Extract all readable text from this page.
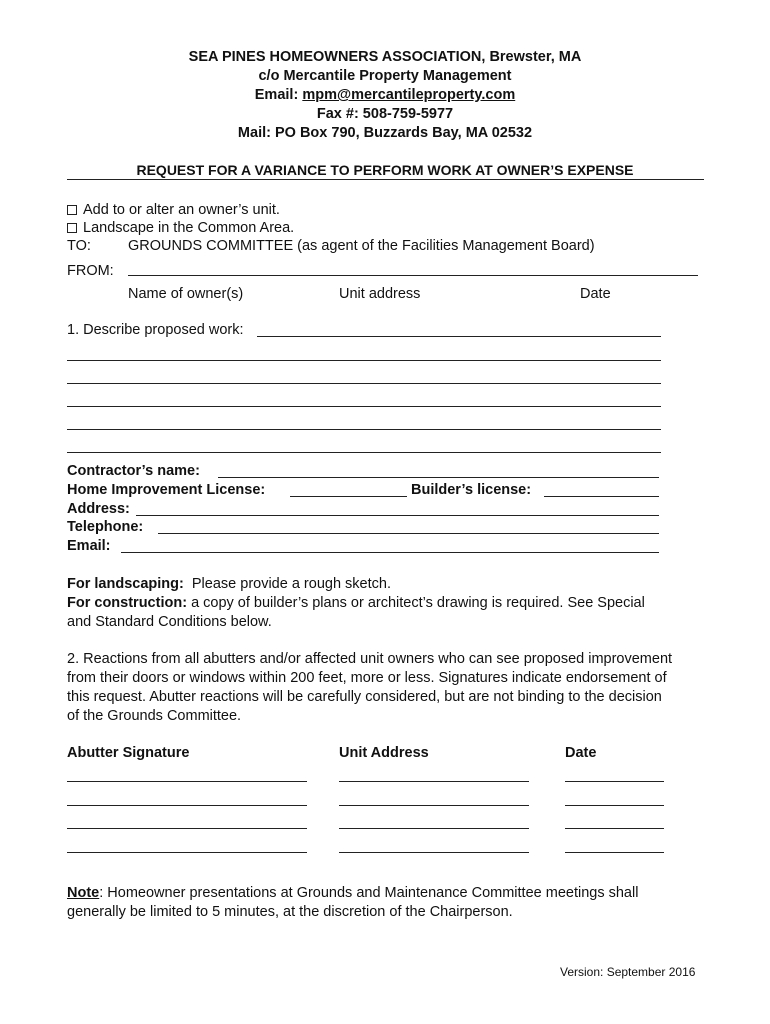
SEA PINES HOMEOWNERS ASSOCIATION, Brewster, MA
c/o Mercantile Property Management
Email: mpm@mercantileproperty.com
Fax #: 508-759-5977
Mail: PO Box 790, Buzzards Bay, MA 02532
REQUEST FOR A VARIANCE TO PERFORM WORK AT OWNER’S EXPENSE
Add to or alter an owner’s unit.
Landscape in the Common Area.
TO:	GROUNDS COMMITTEE (as agent of the Facilities Management Board)
FROM:
Name of owner(s)	Unit address	Date
1. Describe proposed work:
Contractor’s name:
Home Improvement License:	Builder’s license:
Address:
Telephone:
Email:
For landscaping: Please provide a rough sketch.
For construction: a copy of builder’s plans or architect’s drawing is required. See Special
and Standard Conditions below.
2. Reactions from all abutters and/or affected unit owners who can see proposed improvement
from their doors or windows within 200 feet, more or less. Signatures indicate endorsement of
this request. Abutter reactions will be carefully considered, but are not binding to the decision
of the Grounds Committee.
Abutter Signature	Unit Address	Date
Note: Homeowner presentations at Grounds and Maintenance Committee meetings shall
generally be limited to 5 minutes, at the discretion of the Chairperson.
Version: September 2016
